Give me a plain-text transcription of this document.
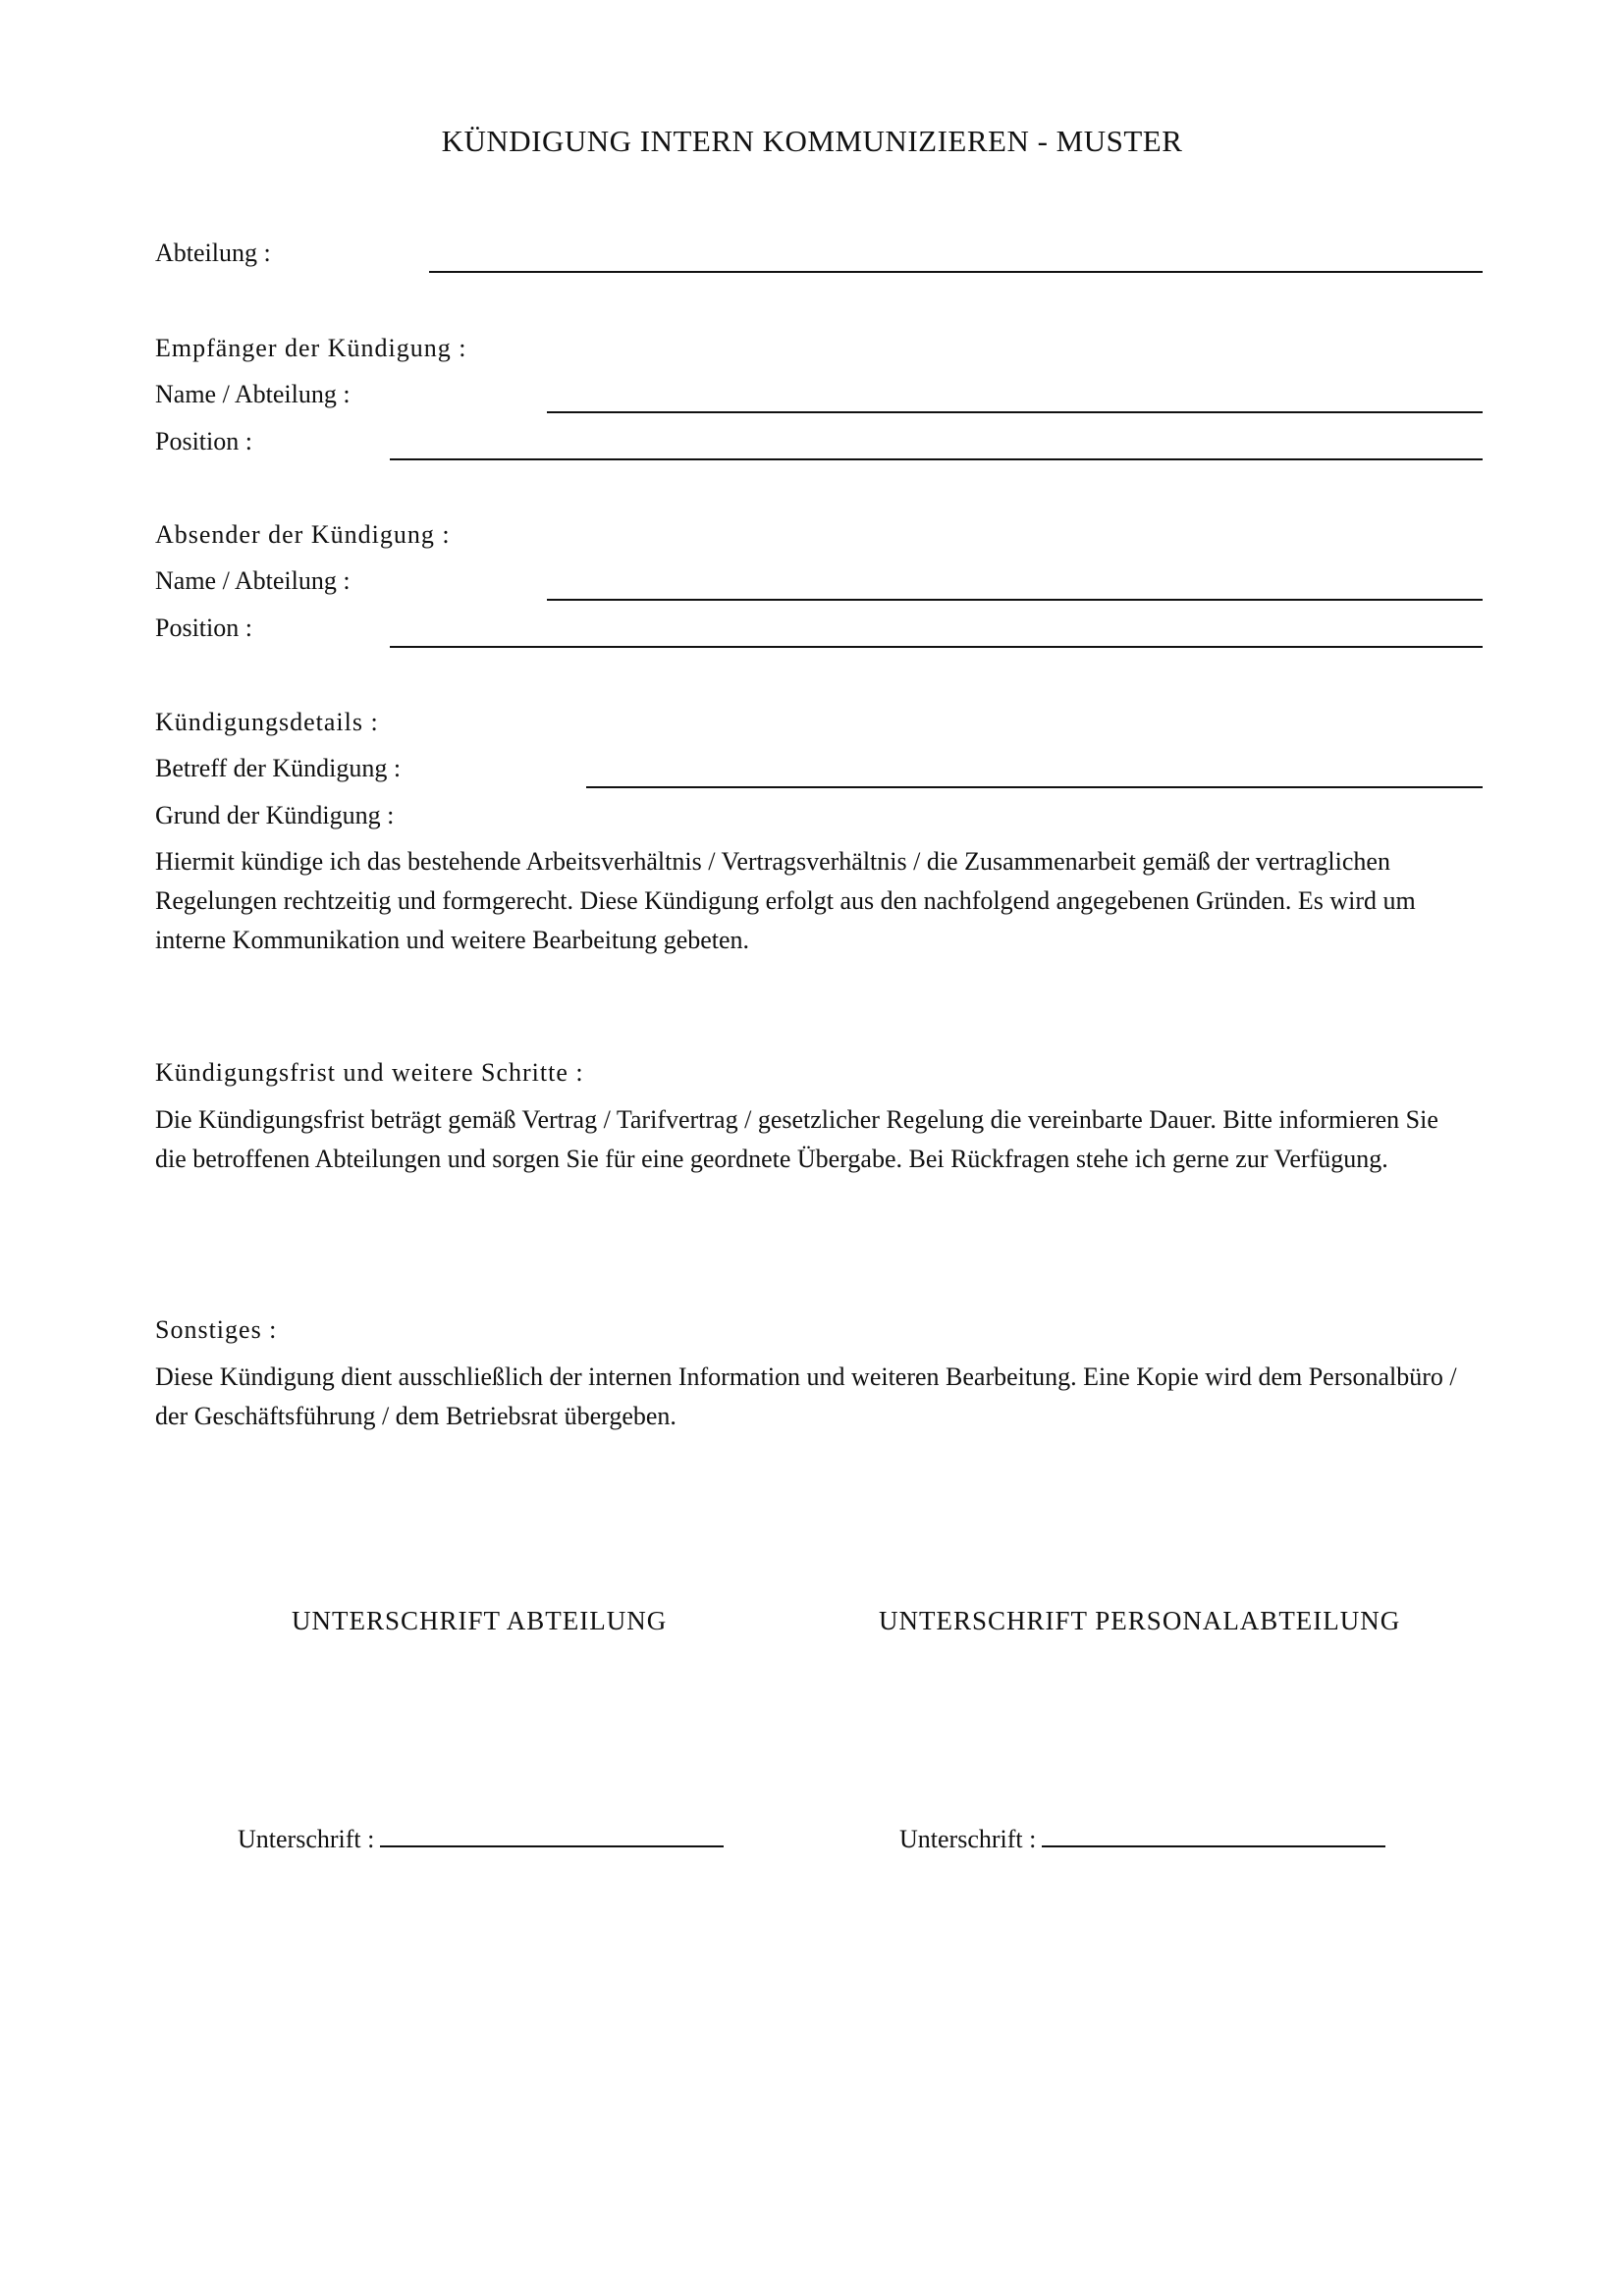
KÜNDIGUNG INTERN KOMMUNIZIEREN - MUSTER
Abteilung :
Empfänger der Kündigung :
Name / Abteilung :
Position :
Absender der Kündigung :
Name / Abteilung :
Position :
Kündigungsdetails :
Betreff der Kündigung :
Grund der Kündigung :
Hiermit kündige ich das bestehende Arbeitsverhältnis / Vertragsverhältnis / die Zusammenarbeit gemäß der vertraglichen Regelungen rechtzeitig und formgerecht. Diese Kündigung erfolgt aus den nachfolgend angegebenen Gründen. Es wird um interne Kommunikation und weitere Bearbeitung gebeten.
Kündigungsfrist und weitere Schritte :
Die Kündigungsfrist beträgt gemäß Vertrag / Tarifvertrag / gesetzlicher Regelung die vereinbarte Dauer. Bitte informieren Sie die betroffenen Abteilungen und sorgen Sie für eine geordnete Übergabe. Bei Rückfragen stehe ich gerne zur Verfügung.
Sonstiges :
Diese Kündigung dient ausschließlich der internen Information und weiteren Bearbeitung. Eine Kopie wird dem Personalbüro / der Geschäftsführung / dem Betriebsrat übergeben.
UNTERSCHRIFT ABTEILUNG	UNTERSCHRIFT PERSONALABTEILUNG
Unterschrift :	Unterschrift :
